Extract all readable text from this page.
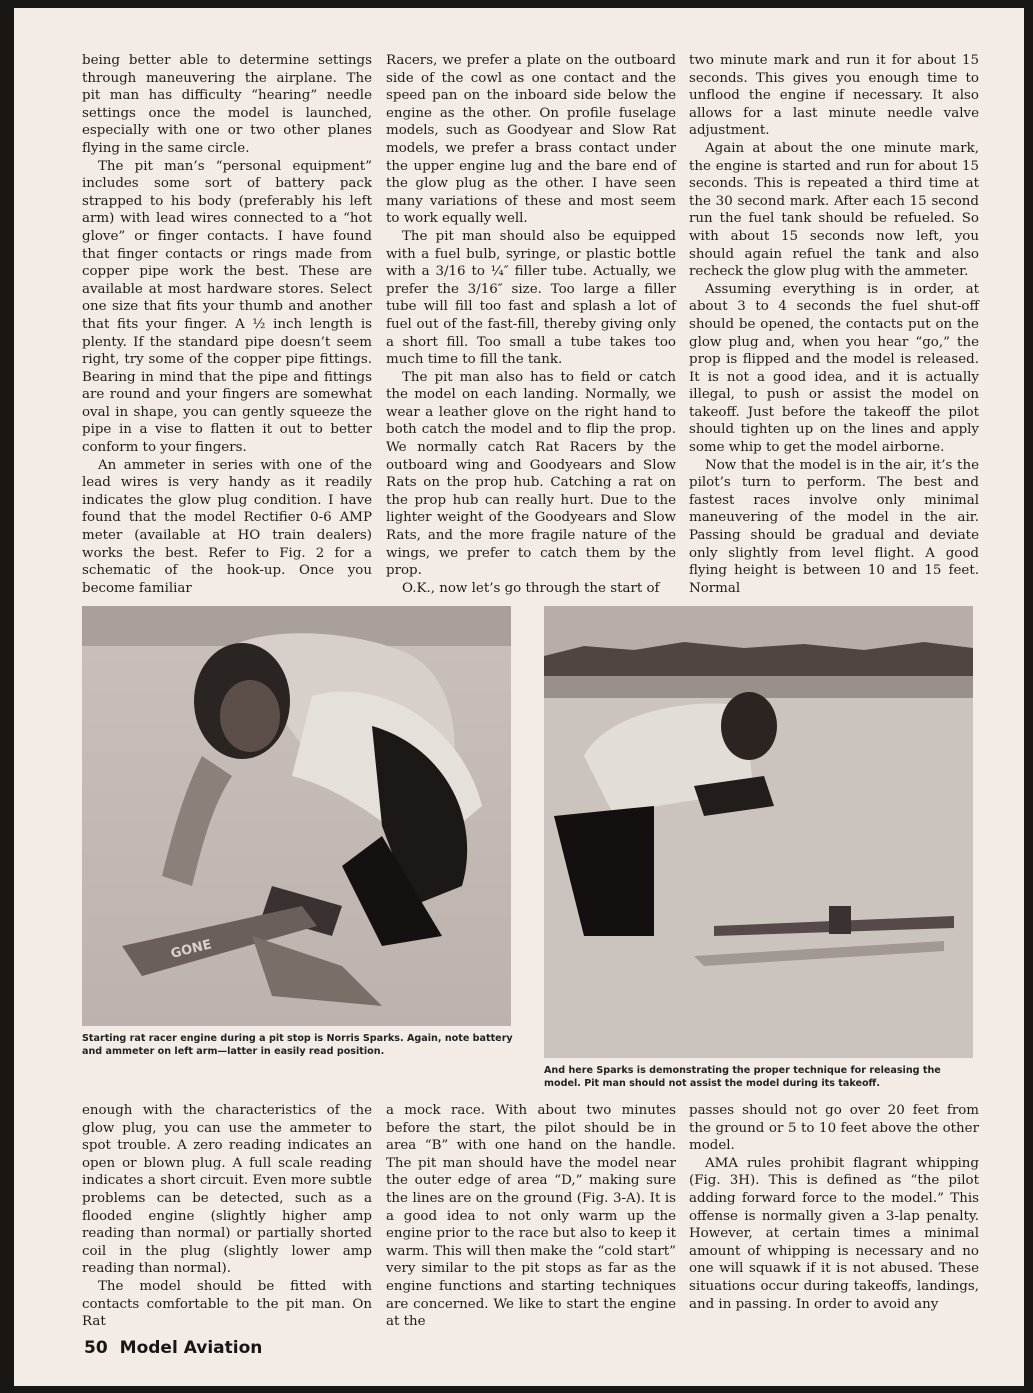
being better able to determine settings through maneuvering the airplane. The pit man has difficulty “hearing” needle settings once the model is launched, especially with one or two other planes flying in the same circle.

The pit man’s “personal equipment” includes some sort of battery pack strapped to his body (preferably his left arm) with lead wires connected to a “hot glove” or finger contacts. I have found that finger contacts or rings made from copper pipe work the best. These are available at most hardware stores. Select one size that fits your thumb and another that fits your finger. A ½ inch length is plenty. If the standard pipe doesn’t seem right, try some of the copper pipe fittings. Bearing in mind that the pipe and fittings are round and your fingers are somewhat oval in shape, you can gently squeeze the pipe in a vise to flatten it out to better conform to your fingers.

An ammeter in series with one of the lead wires is very handy as it readily indicates the glow plug condition. I have found that the model Rectifier 0-6 AMP meter (available at HO train dealers) works the best. Refer to Fig. 2 for a schematic of the hook-up. Once you become familiar

Racers, we prefer a plate on the outboard side of the cowl as one contact and the speed pan on the inboard side below the engine as the other. On profile fuselage models, such as Goodyear and Slow Rat models, we prefer a brass contact under the upper engine lug and the bare end of the glow plug as the other. I have seen many variations of these and most seem to work equally well.

The pit man should also be equipped with a fuel bulb, syringe, or plastic bottle with a 3/16 to ¼″ filler tube. Actually, we prefer the 3/16″ size. Too large a filler tube will fill too fast and splash a lot of fuel out of the fast-fill, thereby giving only a short fill. Too small a tube takes too much time to fill the tank.

The pit man also has to field or catch the model on each landing. Normally, we wear a leather glove on the right hand to both catch the model and to flip the prop. We normally catch Rat Racers by the outboard wing and Goodyears and Slow Rats on the prop hub. Catching a rat on the prop hub can really hurt. Due to the lighter weight of the Goodyears and Slow Rats, and the more fragile nature of the wings, we prefer to catch them by the prop.

O.K., now let’s go through the start of

two minute mark and run it for about 15 seconds. This gives you enough time to unflood the engine if necessary. It also allows for a last minute needle valve adjustment.

Again at about the one minute mark, the engine is started and run for about 15 seconds. This is repeated a third time at the 30 second mark. After each 15 second run the fuel tank should be refueled. So with about 15 seconds now left, you should again refuel the tank and also recheck the glow plug with the ammeter.

Assuming everything is in order, at about 3 to 4 seconds the fuel shut-off should be opened, the contacts put on the glow plug and, when you hear “go,” the prop is flipped and the model is released. It is not a good idea, and it is actually illegal, to push or assist the model on takeoff. Just before the takeoff the pilot should tighten up on the lines and apply some whip to get the model airborne.

Now that the model is in the air, it’s the pilot’s turn to perform. The best and fastest races involve only minimal maneuvering of the model in the air. Passing should be gradual and deviate only slightly from level flight. A good flying height is between 10 and 15 feet. Normal

GONE
Starting rat racer engine during a pit stop is Norris Sparks. Again, note battery and ammeter on left arm—latter in easily read position.
And here Sparks is demonstrating the proper technique for releasing the model. Pit man should not assist the model during its takeoff.

enough with the characteristics of the glow plug, you can use the ammeter to spot trouble. A zero reading indicates an open or blown plug. A full scale reading indicates a short circuit. Even more subtle problems can be detected, such as a flooded engine (slightly higher amp reading than normal) or partially shorted coil in the plug (slightly lower amp reading than normal).

The model should be fitted with contacts comfortable to the pit man. On Rat

a mock race. With about two minutes before the start, the pilot should be in area “B” with one hand on the handle. The pit man should have the model near the outer edge of area “D,” making sure the lines are on the ground (Fig. 3-A). It is a good idea to not only warm up the engine prior to the race but also to keep it warm. This will then make the “cold start” very similar to the pit stops as far as the engine functions and starting techniques are concerned. We like to start the engine at the

passes should not go over 20 feet from the ground or 5 to 10 feet above the other model.

AMA rules prohibit flagrant whipping (Fig. 3H). This is defined as “the pilot adding forward force to the model.” This offense is normally given a 3-lap penalty. However, at certain times a minimal amount of whipping is necessary and no one will squawk if it is not abused. These situations occur during takeoffs, landings, and in passing. In order to avoid any

50 Model Aviation
